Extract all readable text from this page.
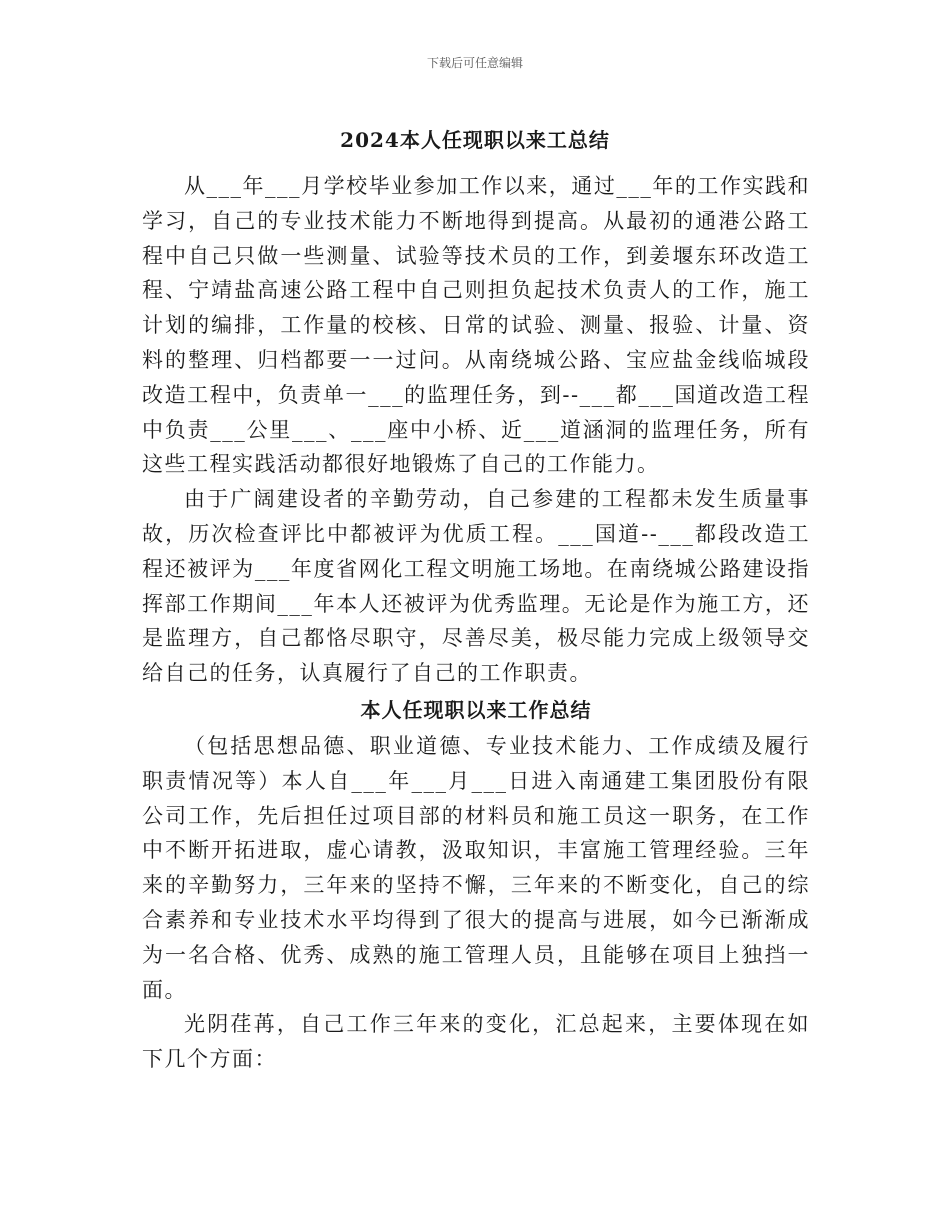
下载后可任意编辑
2024本人任现职以来工总结

从___年___月学校毕业参加工作以来，通过___年的工作实践和学习，自己的专业技术能力不断地得到提高。从最初的通港公路工程中自己只做一些测量、试验等技术员的工作，到姜堰东环改造工程、宁靖盐高速公路工程中自己则担负起技术负责人的工作，施工计划的编排，工作量的校核、日常的试验、测量、报验、计量、资料的整理、归档都要一一过问。从南绕城公路、宝应盐金线临城段改造工程中，负责单一___的监理任务，到--___都___国道改造工程中负责___公里___、___座中小桥、近___道涵洞的监理任务，所有这些工程实践活动都很好地锻炼了自己的工作能力。

由于广阔建设者的辛勤劳动，自己参建的工程都未发生质量事故，历次检查评比中都被评为优质工程。___国道--___都段改造工程还被评为___年度省网化工程文明施工场地。在南绕城公路建设指挥部工作期间___年本人还被评为优秀监理。无论是作为施工方，还是监理方，自己都恪尽职守，尽善尽美，极尽能力完成上级领导交给自己的任务，认真履行了自己的工作职责。

本人任现职以来工作总结

（包括思想品德、职业道德、专业技术能力、工作成绩及履行职责情况等）本人自___年___月___日进入南通建工集团股份有限公司工作，先后担任过项目部的材料员和施工员这一职务，在工作中不断开拓进取，虚心请教，汲取知识，丰富施工管理经验。三年来的辛勤努力，三年来的坚持不懈，三年来的不断变化，自己的综合素养和专业技术水平均得到了很大的提高与进展，如今已渐渐成为一名合格、优秀、成熟的施工管理人员，且能够在项目上独挡一面。

光阴荏苒，自己工作三年来的变化，汇总起来，主要体现在如下几个方面：
